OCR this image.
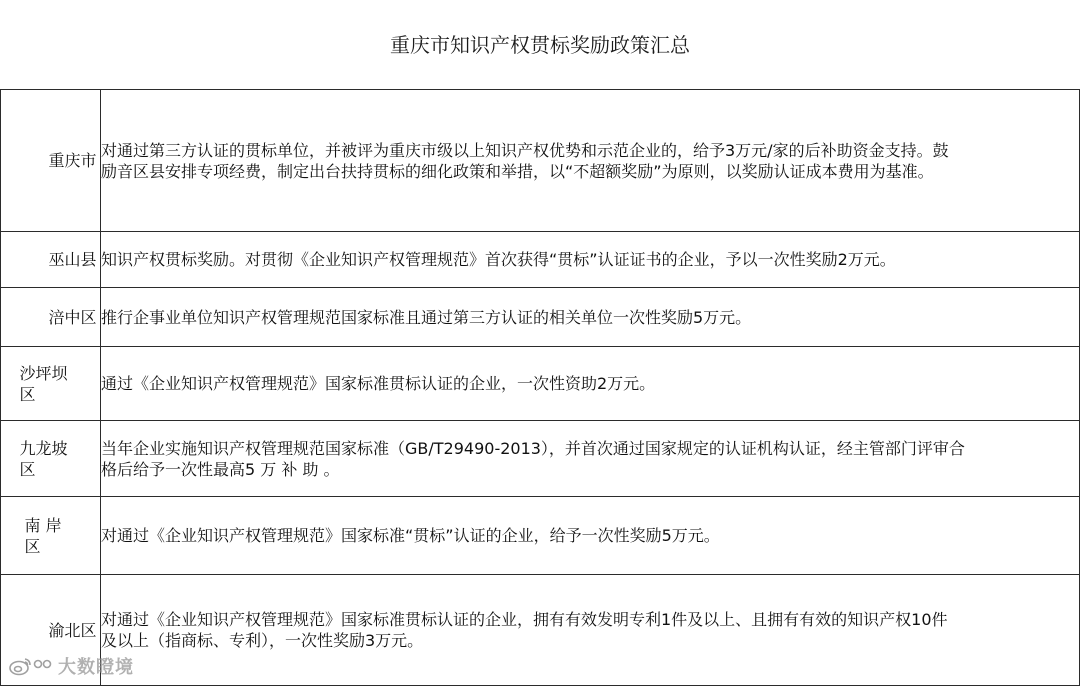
重庆市知识产权贯标奖励政策汇总
重庆市	对通过第三方认证的贯标单位，并被评为重庆市级以上知识产权优势和示范企业的，给予3万元/家的后补助资金支持。鼓
励音区县安排专项经费，制定出台扶持贯标的细化政策和举措，以“不超额奖励”为原则，以奖励认证成本费用为基准。
巫山县	知识产权贯标奖励。对贯彻《企业知识产权管理规范》首次获得“贯标”认证证书的企业，予以一次性奖励2万元。
涪中区	推行企事业单位知识产权管理规范国家标准且通过第三方认证的相关单位一次性奖励5万元。
沙坪坝区	通过《企业知识产权管理规范》国家标准贯标认证的企业，一次性资助2万元。
九龙坡区	当年企业实施知识产权管理规范国家标准（GB/T29490-2013），并首次通过国家规定的认证机构认证，经主管部门评审合
格后给予一次性最高5 万 补 助 。
南 岸区	对通过《企业知识产权管理规范》国家标准“贯标”认证的企业，给予一次性奖励5万元。
渝北区	对通过《企业知识产权管理规范》国家标准贯标认证的企业，拥有有效发明专利1件及以上、且拥有有效的知识产权10件
及以上（指商标、专利），一次性奖励3万元。
大数瞪境
